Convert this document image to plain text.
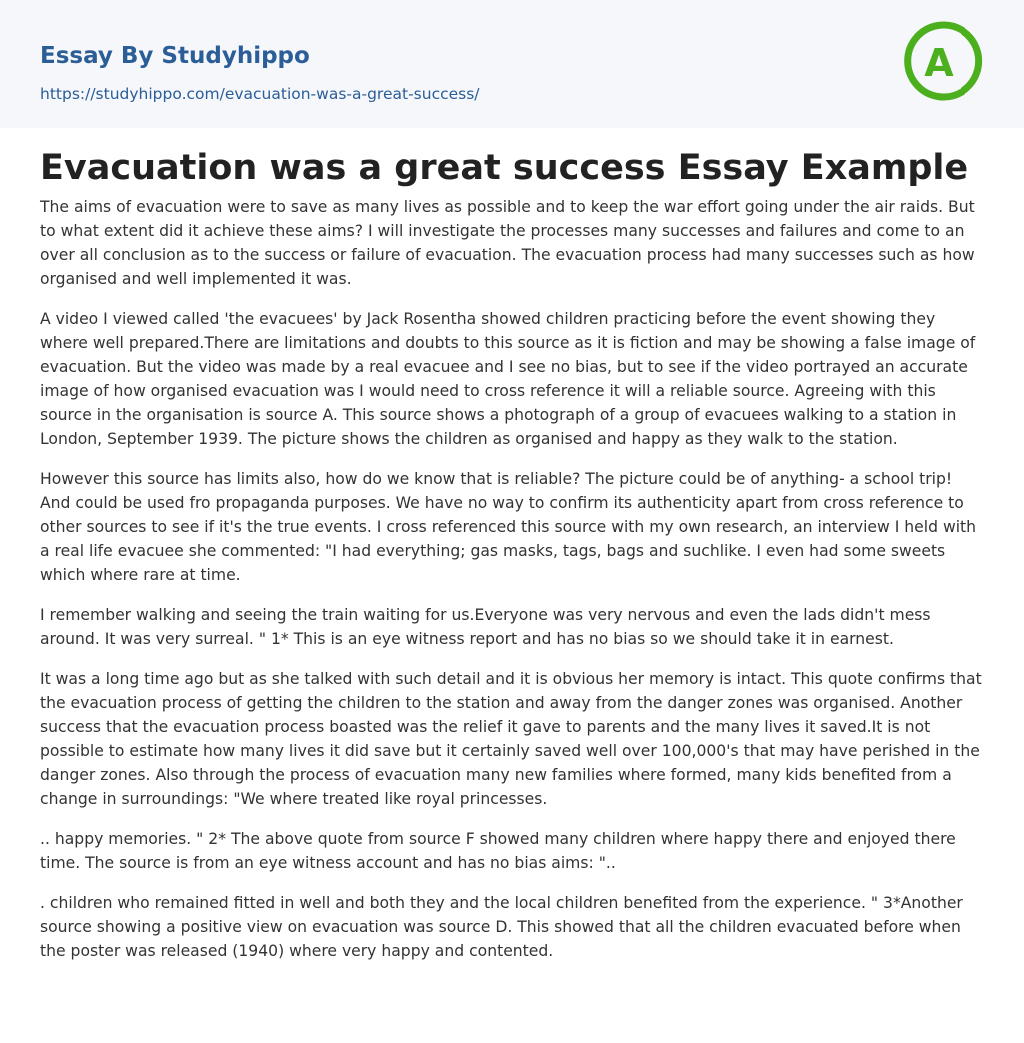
Essay By Studyhippo
https://studyhippo.com/evacuation-was-a-great-success/
A
Evacuation was a great success Essay Example

The aims of evacuation were to save as many lives as possible and to keep the war effort going under the air raids. But to what extent did it achieve these aims? I will investigate the processes many successes and failures and come to an over all conclusion as to the success or failure of evacuation. The evacuation process had many successes such as how organised and well implemented it was.

A video I viewed called 'the evacuees' by Jack Rosentha showed children practicing before the event showing they where well prepared.There are limitations and doubts to this source as it is fiction and may be showing a false image of evacuation. But the video was made by a real evacuee and I see no bias, but to see if the video portrayed an accurate image of how organised evacuation was I would need to cross reference it will a reliable source. Agreeing with this source in the organisation is source A. This source shows a photograph of a group of evacuees walking to a station in London, September 1939. The picture shows the children as organised and happy as they walk to the station.

However this source has limits also, how do we know that is reliable? The picture could be of anything- a school trip! And could be used fro propaganda purposes. We have no way to confirm its authenticity apart from cross reference to other sources to see if it's the true events. I cross referenced this source with my own research, an interview I held with a real life evacuee she commented: "I had everything; gas masks, tags, bags and suchlike. I even had some sweets which where rare at time.

I remember walking and seeing the train waiting for us.Everyone was very nervous and even the lads didn't mess around. It was very surreal. " 1* This is an eye witness report and has no bias so we should take it in earnest.

It was a long time ago but as she talked with such detail and it is obvious her memory is intact. This quote confirms that the evacuation process of getting the children to the station and away from the danger zones was organised. Another success that the evacuation process boasted was the relief it gave to parents and the many lives it saved.It is not possible to estimate how many lives it did save but it certainly saved well over 100,000's that may have perished in the danger zones. Also through the process of evacuation many new families where formed, many kids benefited from a change in surroundings: "We where treated like royal princesses.

.. happy memories. " 2* The above quote from source F showed many children where happy there and enjoyed there time. The source is from an eye witness account and has no bias aims: "..

. children who remained fitted in well and both they and the local children benefited from the experience. " 3*Another source showing a positive view on evacuation was source D. This showed that all the children evacuated before when the poster was released (1940) where very happy and contented.
